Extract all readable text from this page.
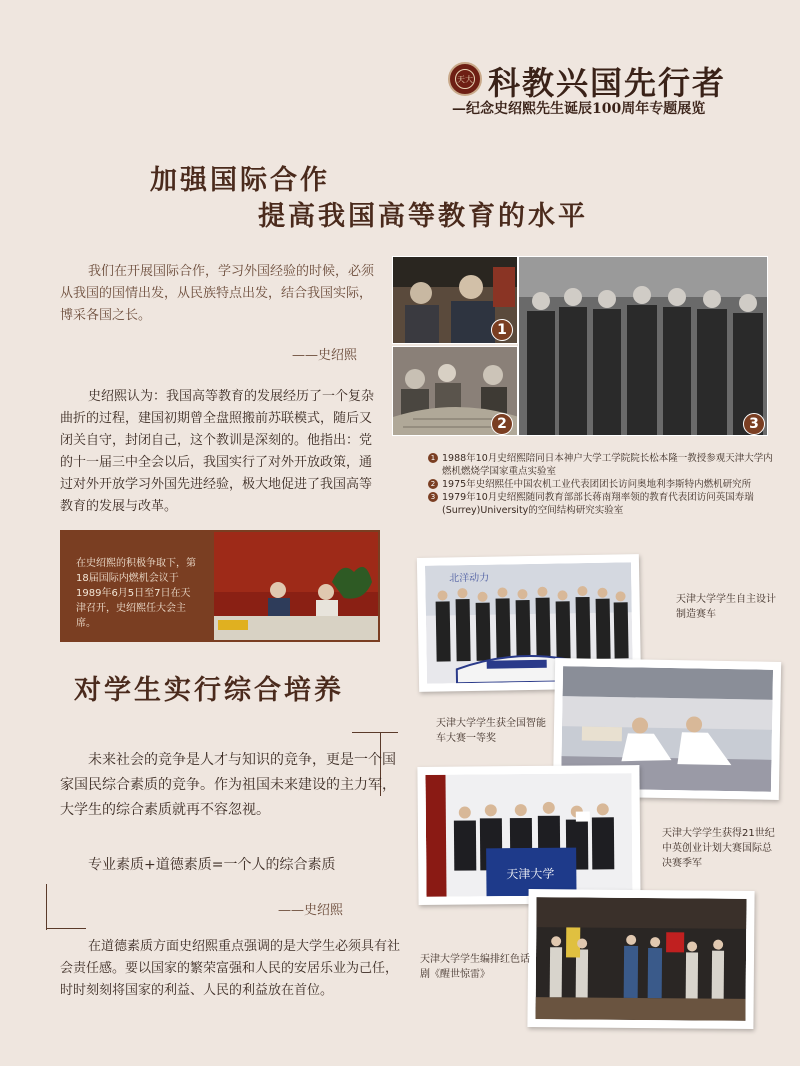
天大 科教兴国先行者
—纪念史绍熙先生诞辰100周年专题展览
加强国际合作
提高我国高等教育的水平
我们在开展国际合作，学习外国经验的时候，必须从我国的国情出发，从民族特点出发，结合我国实际，博采各国之长。
——史绍熙
史绍熙认为：我国高等教育的发展经历了一个复杂曲折的过程，建国初期曾全盘照搬前苏联模式，随后又闭关自守，封闭自己，这个教训是深刻的。他指出：党的十一届三中全会以后，我国实行了对外开放政策，通过对外开放学习外国先进经验，极大地促进了我国高等教育的发展与改革。
1
2	3
1 1988年10月史绍熙陪同日本神户大学工学院院长松本隆一教授参观天津大学内燃机燃烧学国家重点实验室
2 1975年史绍熙任中国农机工业代表团团长访问奥地利李斯特内燃机研究所
3 1979年10月史绍熙随同教育部部长蒋南翔率领的教育代表团访问英国寿瑞(Surrey)University的空间结构研究实验室
在史绍熙的积极争取下，第18届国际内燃机会议于1989年6月5日至7日在天津召开，史绍熙任大会主席。
对学生实行综合培养
未来社会的竞争是人才与知识的竞争，更是一个国家国民综合素质的竞争。作为祖国未来建设的主力军，大学生的综合素质就再不容忽视。
专业素质+道德素质=一个人的综合素质
——史绍熙
在道德素质方面史绍熙重点强调的是大学生必须具有社会责任感。要以国家的繁荣富强和人民的安居乐业为己任，时时刻刻将国家的利益、人民的利益放在首位。
北洋动力
天津大学学生自主设计制造赛车
天津大学学生获全国智能车大赛一等奖
天津大学
天津大学学生获得21世纪中英创业计划大赛国际总决赛季军
天津大学学生编排红色话剧《醒世惊雷》
